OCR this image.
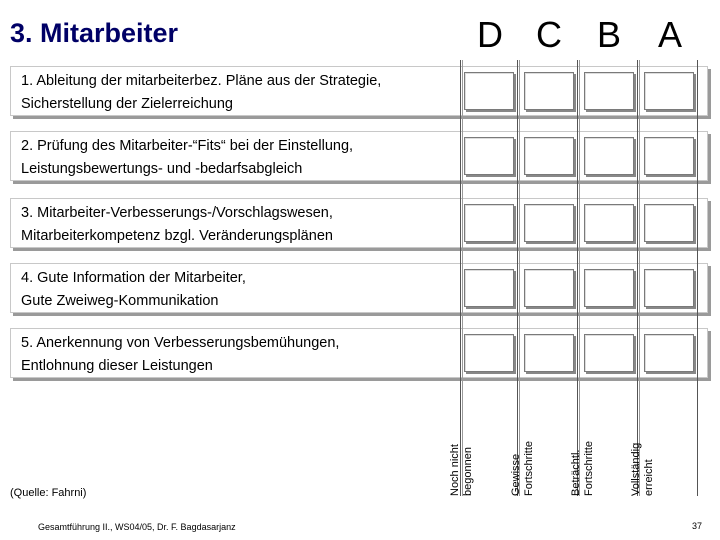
3. Mitarbeiter	D C B	A
1. Ableitung der mitarbeiterbez. Pläne aus der Strategie,
Sicherstellung der Zielerreichung
2. Prüfung des Mitarbeiter-“Fits“ bei der Einstellung,
Leistungsbewertungs- und -bedarfsabgleich
3. Mitarbeiter-Verbesserungs-/Vorschlagswesen,
Mitarbeiterkompetenz bzgl. Veränderungsplänen
4. Gute Information der Mitarbeiter,
Gute Zweiweg-Kommunikation
5. Anerkennung von Verbesserungsbemühungen,
Entlohnung dieser Leistungen
Noch nicht
begonnen	Gewisse
Fortschritte	Beträchtl.
Fortschritte	Vollständig
erreicht
(Quelle: Fahrni)
Gesamtführung II., WS04/05, Dr. F. Bagdasarjanz	37
